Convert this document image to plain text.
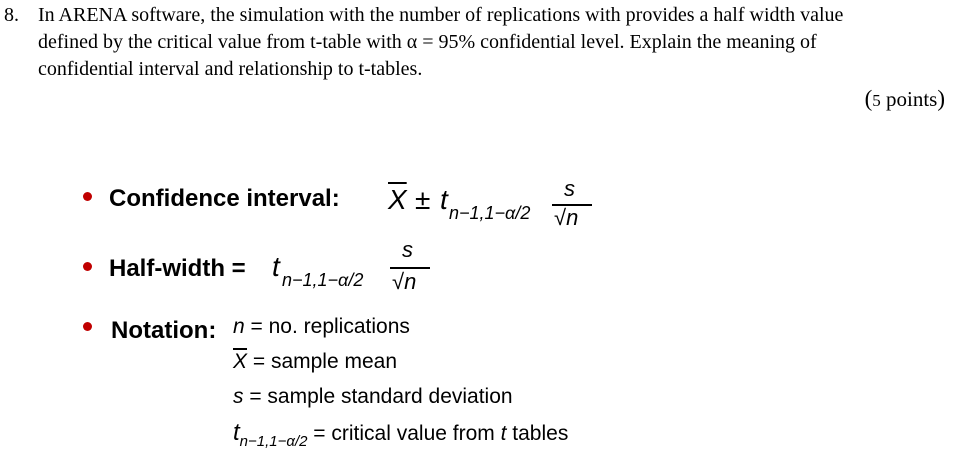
8. In ARENA software, the simulation with the number of replications with provides a half width value
defined by the critical value from t-table with α = 95% confidential level. Explain the meaning of
confidential interval and relationship to t-tables.
(5 points)
Confidence interval: $\overline{X} \pm t$ n−1,1−α/2
s
√n
Half-width = t n−1,1−α/2
s
√n
Notation: n = no. replications
$\overline{X}$ = sample mean
s = sample standard deviation
$t_{n-1,1-\alpha/2}$ = critical value from t tables
